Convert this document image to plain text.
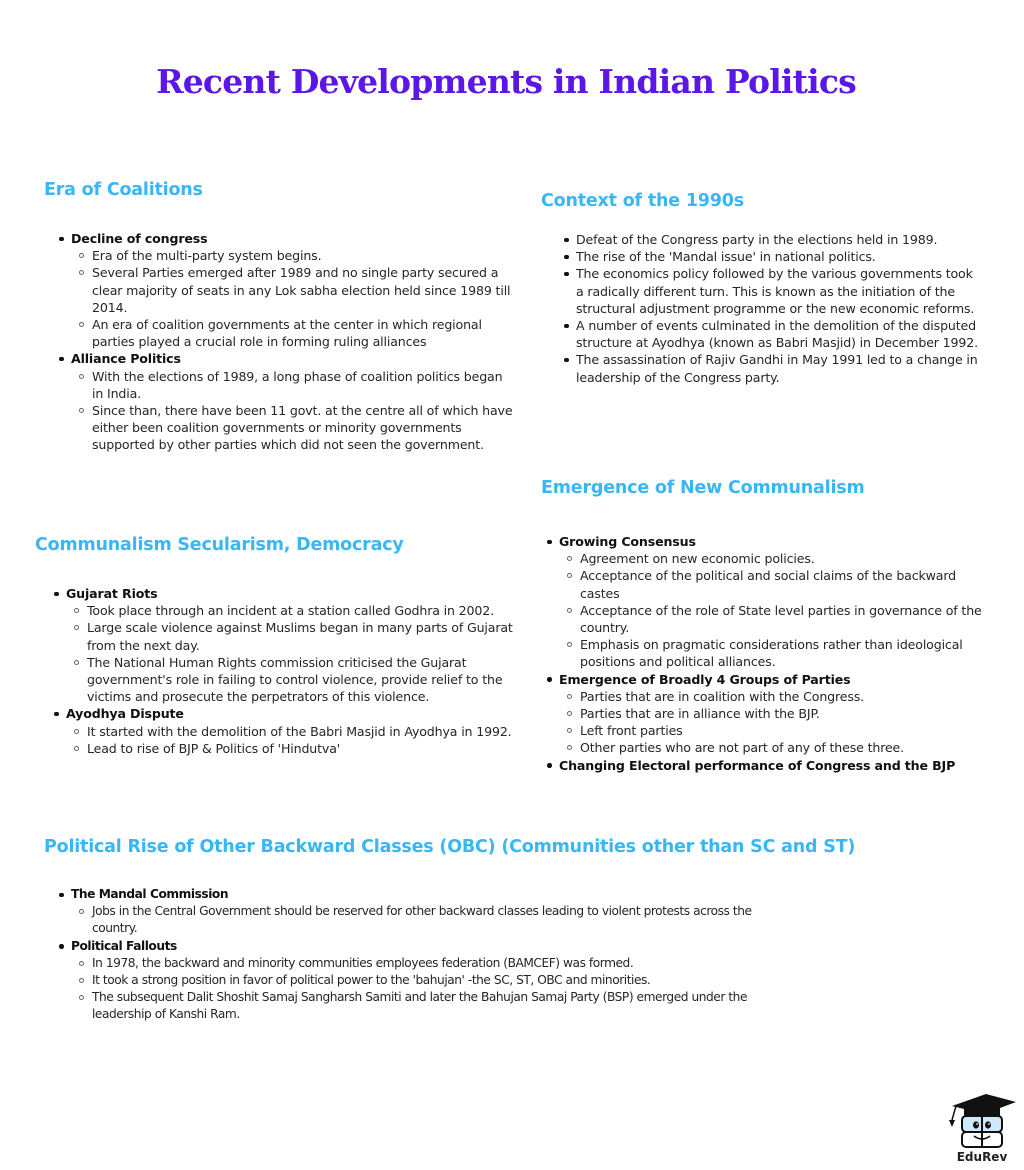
Recent Developments in Indian Politics
Era of Coalitions
Decline of congress
Era of the multi-party system begins.
Several Parties emerged after 1989 and no single party secured a clear majority of seats in any Lok sabha election held since 1989 till 2014.
An era of coalition governments at the center in which regional parties played a crucial role in forming ruling alliances
Alliance Politics
With the elections of 1989, a long phase of coalition politics began in India.
Since than, there have been 11 govt. at the centre all of which have either been coalition governments or minority governments supported by other parties which did not seen the government.
Context of the 1990s
Defeat of the Congress party in the elections held in 1989.
The rise of the 'Mandal issue' in national politics.
The economics policy followed by the various governments took a radically different turn. This is known as the initiation of the structural adjustment programme or the new economic reforms.
A number of events culminated in the demolition of the disputed structure at Ayodhya (known as Babri Masjid) in December 1992.
The assassination of Rajiv Gandhi in May 1991 led to a change in leadership of the Congress party.
Communalism Secularism, Democracy
Gujarat Riots
Took place through an incident at a station called Godhra in 2002.
Large scale violence against Muslims began in many parts of Gujarat from the next day.
The National Human Rights commission criticised the Gujarat government's role in failing to control violence, provide relief to the victims and prosecute the perpetrators of this violence.
Ayodhya Dispute
It started with the demolition of the Babri Masjid in Ayodhya in 1992.
Lead to rise of BJP & Politics of 'Hindutva'
Emergence of New Communalism
Growing Consensus
Agreement on new economic policies.
Acceptance of the political and social claims of the backward castes
Acceptance of the role of State level parties in governance of the country.
Emphasis on pragmatic considerations rather than ideological positions and political alliances.
Emergence of Broadly 4 Groups of Parties
Parties that are in coalition with the Congress.
Parties that are in alliance with the BJP.
Left front parties
Other parties who are not part of any of these three.
Changing Electoral performance of Congress and the BJP
Political Rise of Other Backward Classes (OBC) (Communities other than SC and ST)
The Mandal Commission
Jobs in the Central Government should be reserved for other backward classes leading to violent protests across the country.
Political Fallouts
In 1978, the backward and minority communities employees federation (BAMCEF) was formed.
It took a strong position in favor of political power to the 'bahujan' -the SC, ST, OBC and minorities.
The subsequent Dalit Shoshit Samaj Sangharsh Samiti and later the Bahujan Samaj Party (BSP) emerged under the leadership of Kanshi Ram.
EduRev
